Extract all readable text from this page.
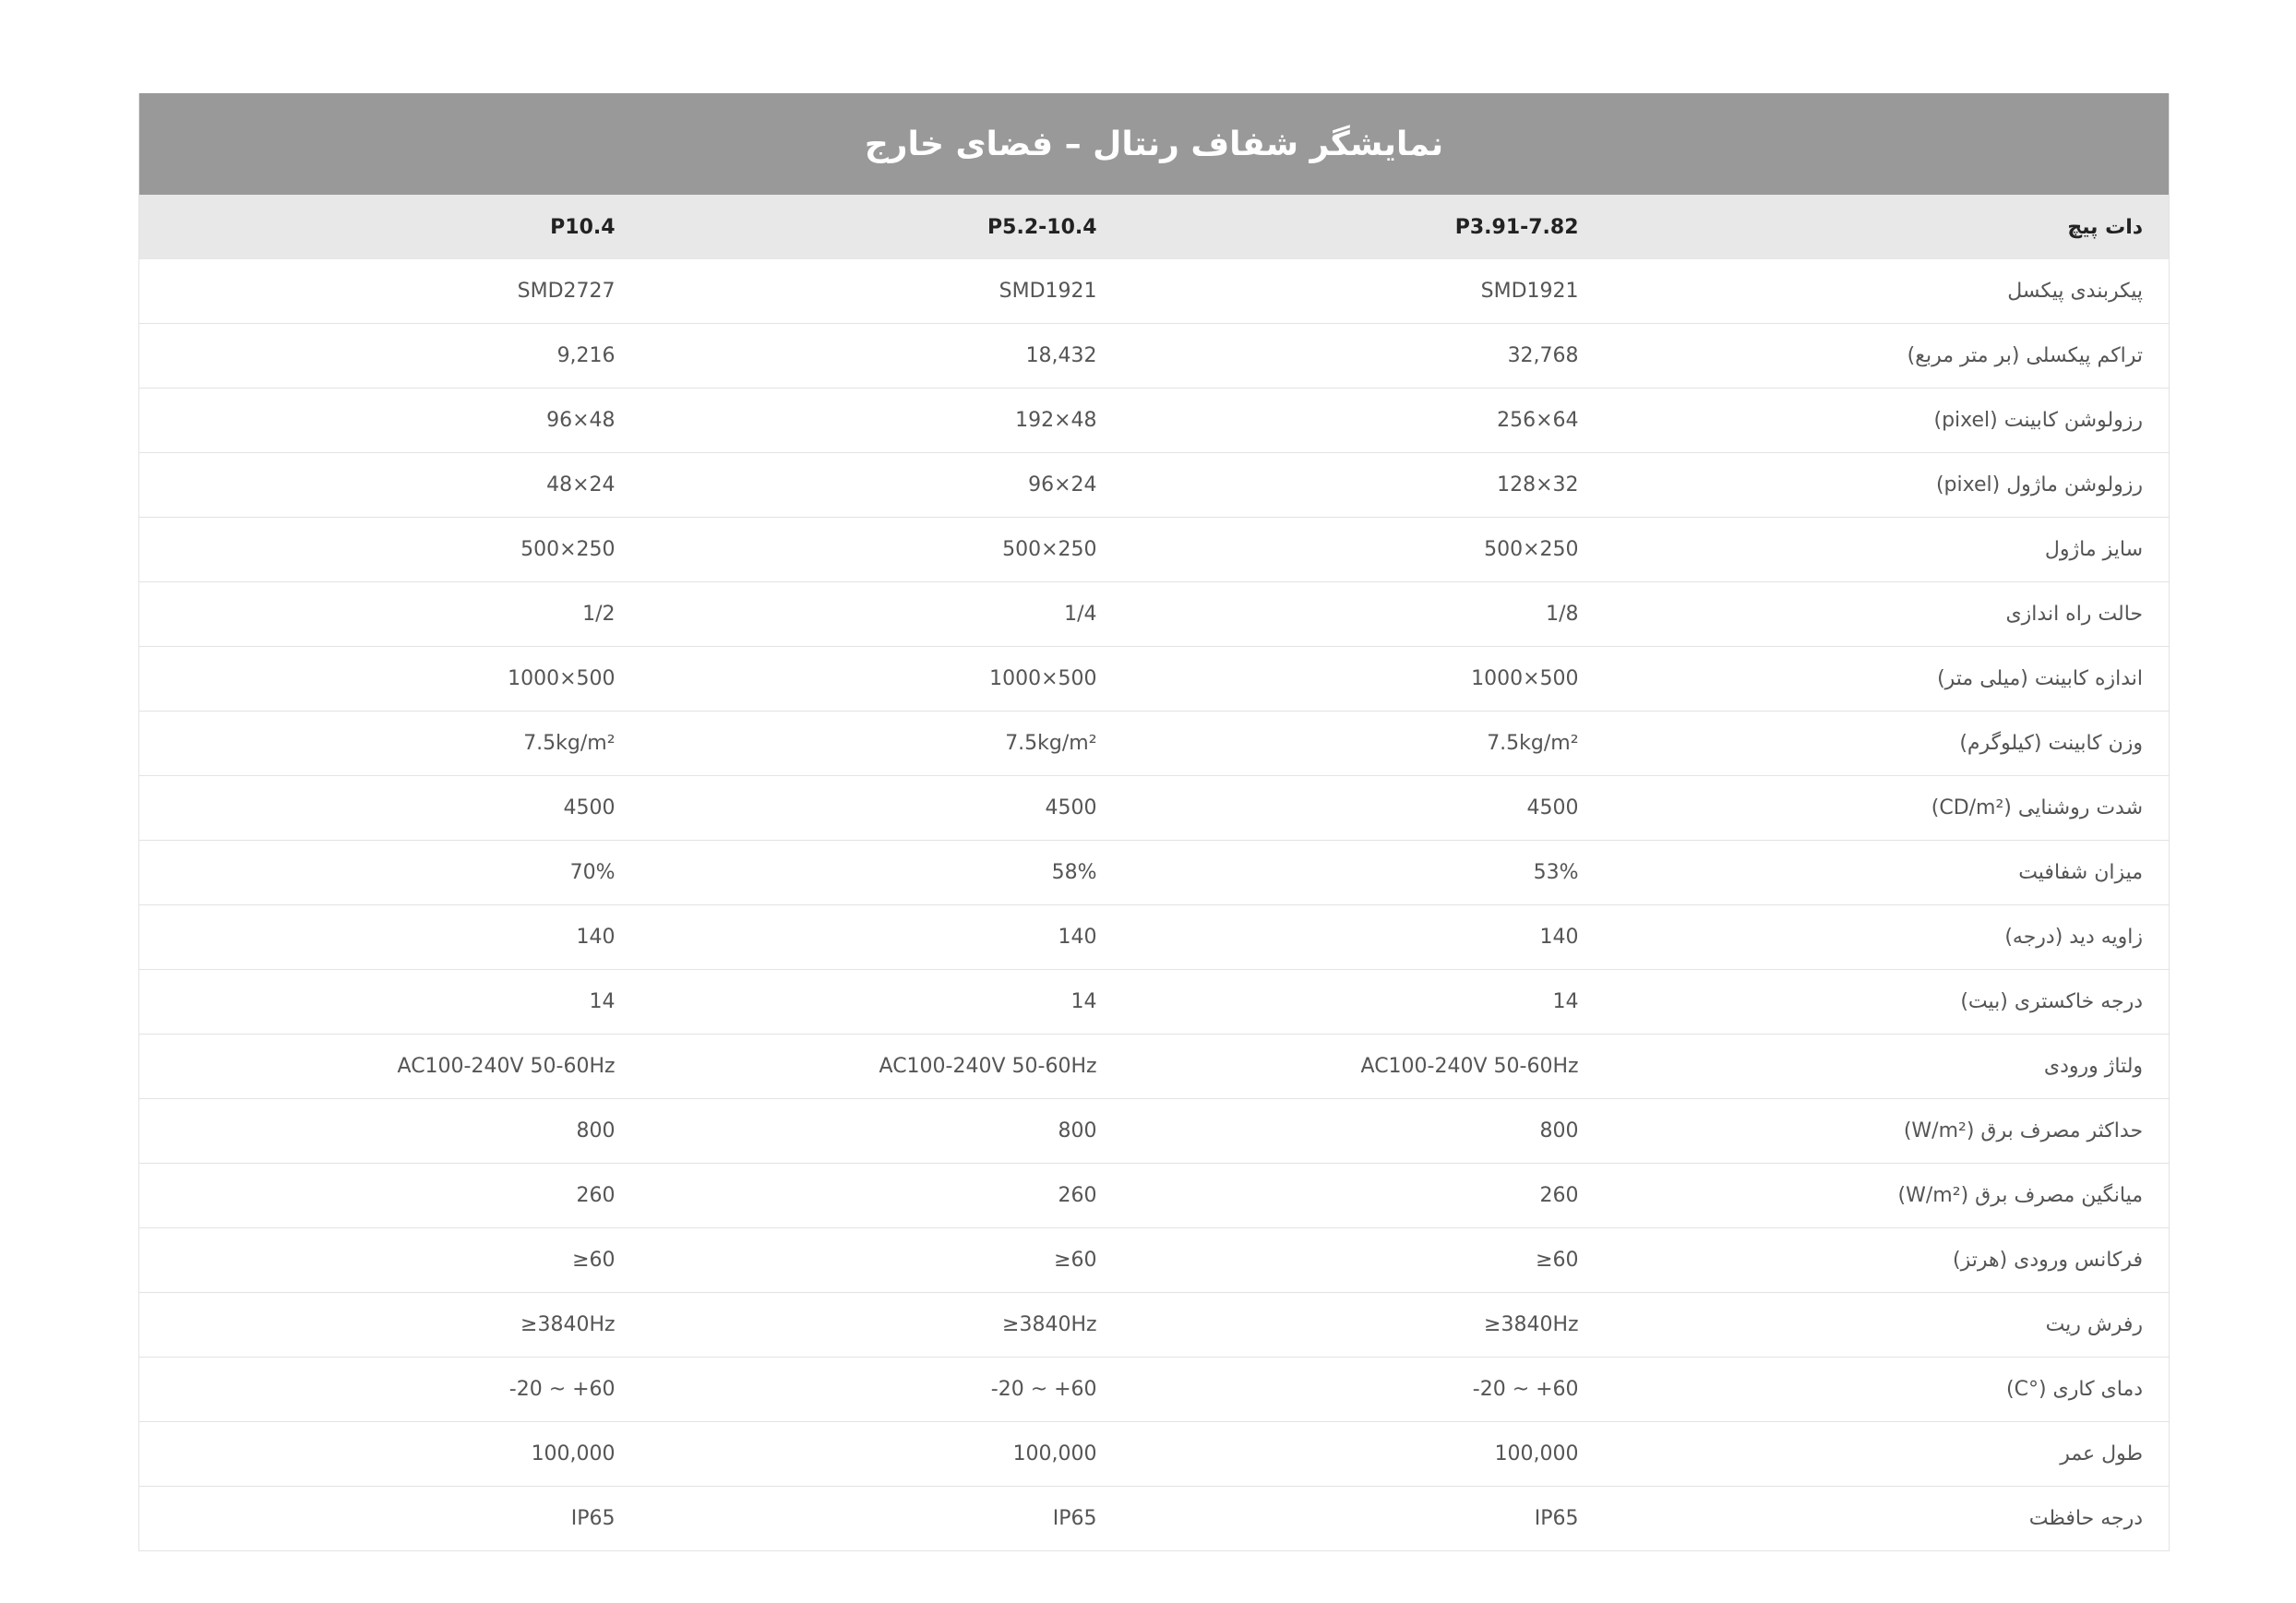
نمایشگر شفاف رنتال – فضای خارج			
دات پیچ	P3.91-7.82	P5.2-10.4	P10.4
پیکربندی پیکسل	SMD1921	SMD1921	SMD2727
تراکم پیکسلی (بر متر مربع)	32,768	18,432	9,216
رزولوشن کابینت (pixel)	256×64	192×48	96×48
رزولوشن ماژول (pixel)	128×32	96×24	48×24
سایز ماژول	500×250	500×250	500×250
حالت راه اندازی	1/8	1/4	1/2
اندازه کابینت (میلی متر)	1000×500	1000×500	1000×500
وزن کابینت (کیلوگرم)	7.5kg/m²	7.5kg/m²	7.5kg/m²
شدت روشنایی (CD/m²)	4500	4500	4500
میزان شفافیت	53%	58%	70%
زاویه دید (درجه)	140	140	140
درجه خاکستری (بیت)	14	14	14
ولتاژ ورودی	AC100-240V 50-60Hz	AC100-240V 50-60Hz	AC100-240V 50-60Hz
حداکثر مصرف برق (W/m²)	800	800	800
میانگین مصرف برق (W/m²)	260	260	260
فرکانس ورودی (هرتز)	≥60	≥60	≥60
رفرش ریت	≥3840Hz	≥3840Hz	≥3840Hz
دمای کاری (°C)	-20 ~ +60	-20 ~ +60	-20 ~ +60
طول عمر	100,000	100,000	100,000
درجه حافظت	IP65	IP65	IP65
